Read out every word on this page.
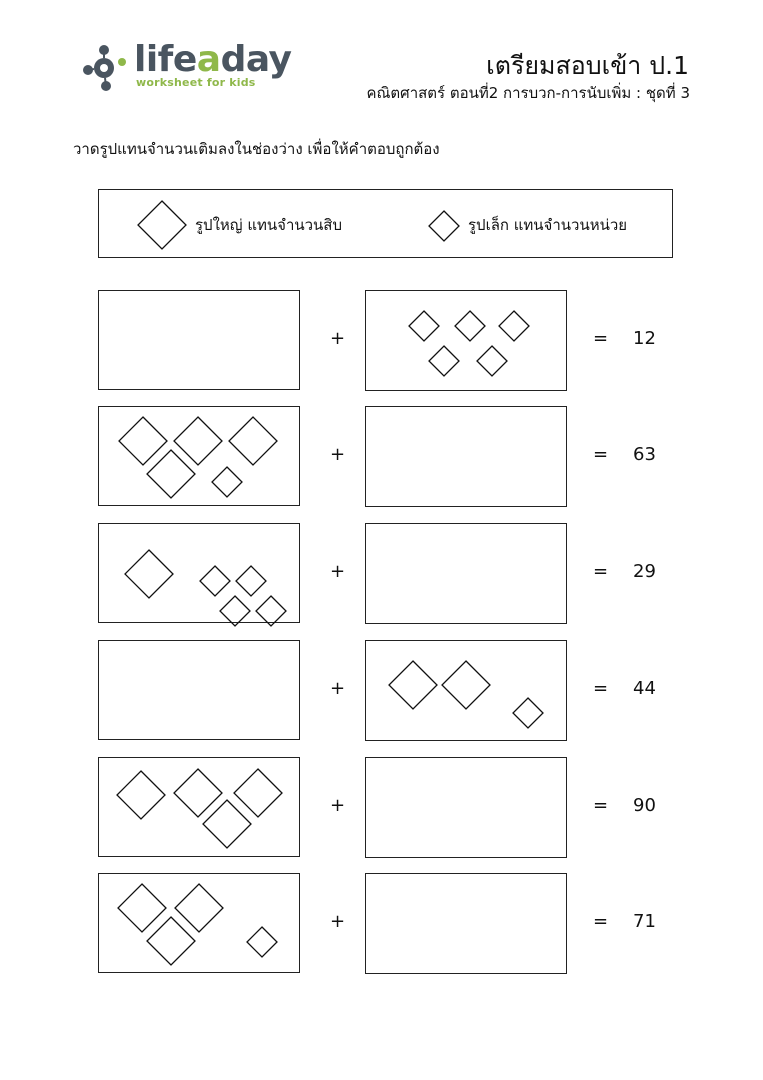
lifeaday
worksheet for kids
เตรียมสอบเข้า ป.1
คณิตศาสตร์ ตอนที่2 การบวก-การนับเพิ่ม : ชุดที่ 3
วาดรูปแทนจำนวนเติมลงในช่องว่าง เพื่อให้คำตอบถูกต้อง
รูปใหญ่ แทนจำนวนสิบ	รูปเล็ก แทนจำนวนหน่วย
+	= 12
+	= 63
+	= 29
+	= 44
+	= 90
+	= 71
